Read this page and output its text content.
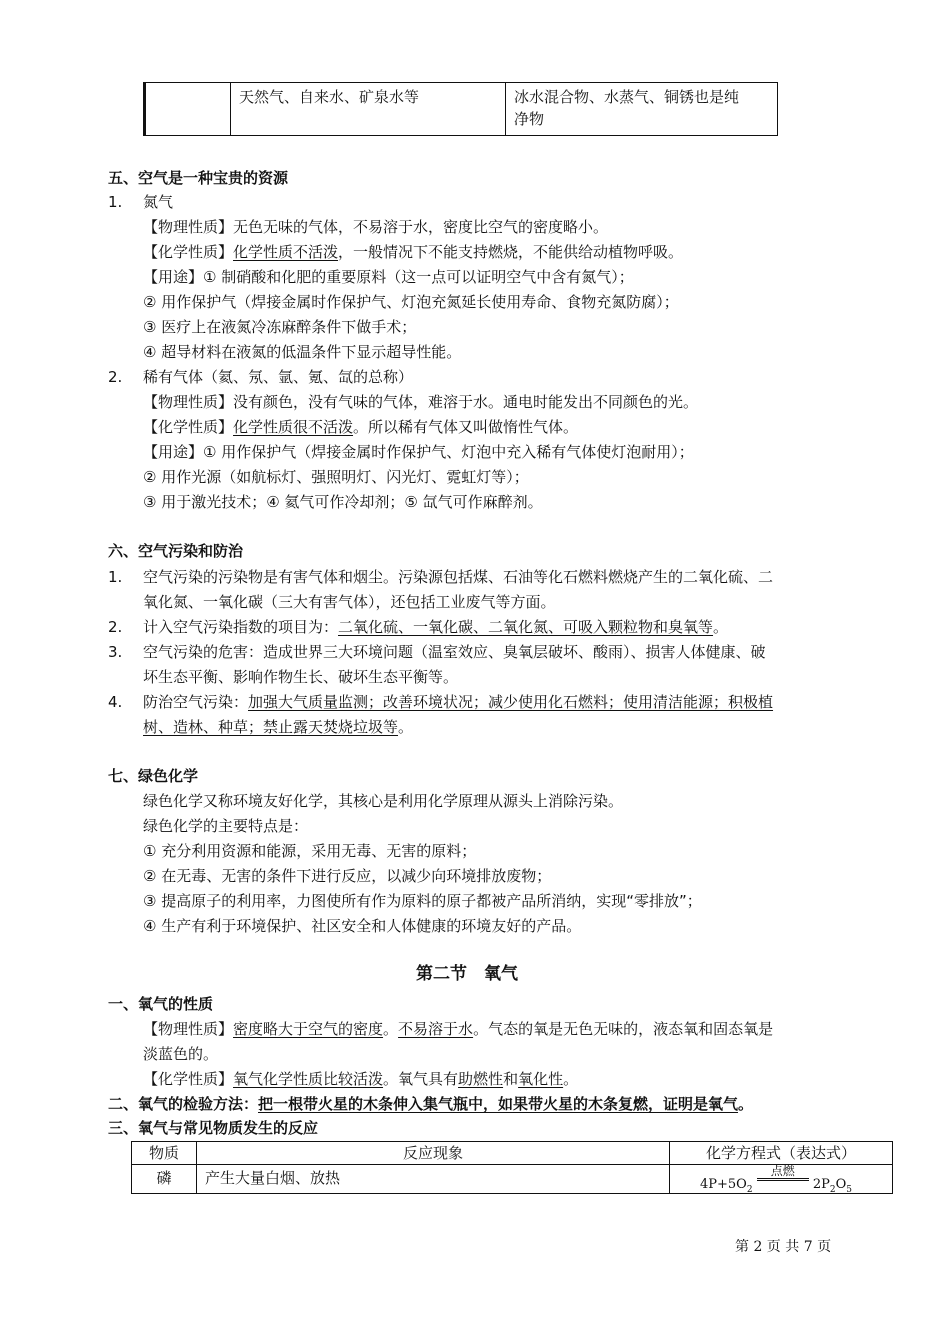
	天然气、自来水、矿泉水等	冰水混合物、水蒸气、铜锈也是纯
净物
五、空气是一种宝贵的资源
1. 氮气
【物理性质】无色无味的气体，不易溶于水，密度比空气的密度略小。
【化学性质】化学性质不活泼，一般情况下不能支持燃烧，不能供给动植物呼吸。
【用途】① 制硝酸和化肥的重要原料（这一点可以证明空气中含有氮气）；
② 用作保护气（焊接金属时作保护气、灯泡充氮延长使用寿命、食物充氮防腐）；
③ 医疗上在液氮冷冻麻醉条件下做手术；
④ 超导材料在液氮的低温条件下显示超导性能。
2. 稀有气体（氦、氖、氩、氪、氙的总称）
【物理性质】没有颜色，没有气味的气体，难溶于水。通电时能发出不同颜色的光。
【化学性质】化学性质很不活泼。所以稀有气体又叫做惰性气体。
【用途】① 用作保护气（焊接金属时作保护气、灯泡中充入稀有气体使灯泡耐用）；
② 用作光源（如航标灯、强照明灯、闪光灯、霓虹灯等）；
③ 用于激光技术；④ 氦气可作冷却剂；⑤ 氙气可作麻醉剂。
六、空气污染和防治
1. 空气污染的污染物是有害气体和烟尘。污染源包括煤、石油等化石燃料燃烧产生的二氧化硫、二
氧化氮、一氧化碳（三大有害气体），还包括工业废气等方面。
2. 计入空气污染指数的项目为：二氧化硫、一氧化碳、二氧化氮、可吸入颗粒物和臭氧等。
3. 空气污染的危害：造成世界三大环境问题（温室效应、臭氧层破坏、酸雨）、损害人体健康、破
坏生态平衡、影响作物生长、破坏生态平衡等。
4. 防治空气污染：加强大气质量监测；改善环境状况；减少使用化石燃料；使用清洁能源；积极植
树、造林、种草；禁止露天焚烧垃圾等。
七、绿色化学
绿色化学又称环境友好化学，其核心是利用化学原理从源头上消除污染。
绿色化学的主要特点是：
① 充分利用资源和能源，采用无毒、无害的原料；
② 在无毒、无害的条件下进行反应，以减少向环境排放废物；
③ 提高原子的利用率，力图使所有作为原料的原子都被产品所消纳，实现“零排放”；
④ 生产有利于环境保护、社区安全和人体健康的环境友好的产品。
第二节　氧气
一、氧气的性质
【物理性质】密度略大于空气的密度。不易溶于水。气态的氧是无色无味的，液态氧和固态氧是
淡蓝色的。
【化学性质】氧气化学性质比较活泼。氧气具有助燃性和氧化性。
二、氧气的检验方法：把一根带火星的木条伸入集气瓶中，如果带火星的木条复燃，证明是氧气。
三、氧气与常见物质发生的反应
物质	反应现象	化学方程式（表达式）
磷	产生大量白烟、放热	$4P+5O_2$ 点燃 $2P_2O_5$
第 2 页 共 7 页
